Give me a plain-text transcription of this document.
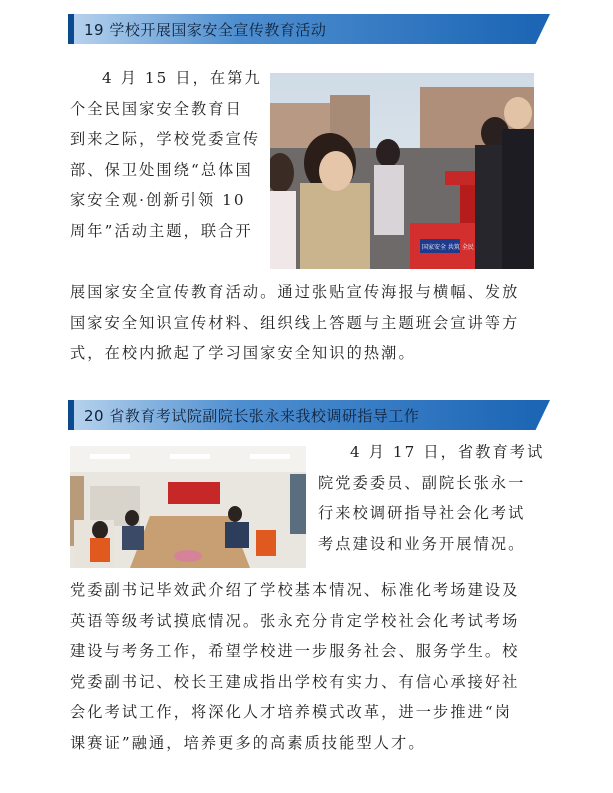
19 学校开展国家安全宣传教育活动
4 月 15 日，在第九
个全民国家安全教育日
到来之际，学校党委宣传
部、保卫处围绕“总体国
家安全观·创新引领 10
周年”活动主题，联合开
国家安全 共筑 全民
展国家安全宣传教育活动。通过张贴宣传海报与横幅、发放
国家安全知识宣传材料、组织线上答题与主题班会宣讲等方
式，在校内掀起了学习国家安全知识的热潮。
20 省教育考试院副院长张永来我校调研指导工作
4 月 17 日，省教育考试
院党委委员、副院长张永一
行来校调研指导社会化考试
考点建设和业务开展情况。
党委副书记毕效武介绍了学校基本情况、标准化考场建设及
英语等级考试摸底情况。张永充分肯定学校社会化考试考场
建设与考务工作，希望学校进一步服务社会、服务学生。校
党委副书记、校长王建成指出学校有实力、有信心承接好社
会化考试工作，将深化人才培养模式改革，进一步推进“岗
课赛证”融通，培养更多的高素质技能型人才。
